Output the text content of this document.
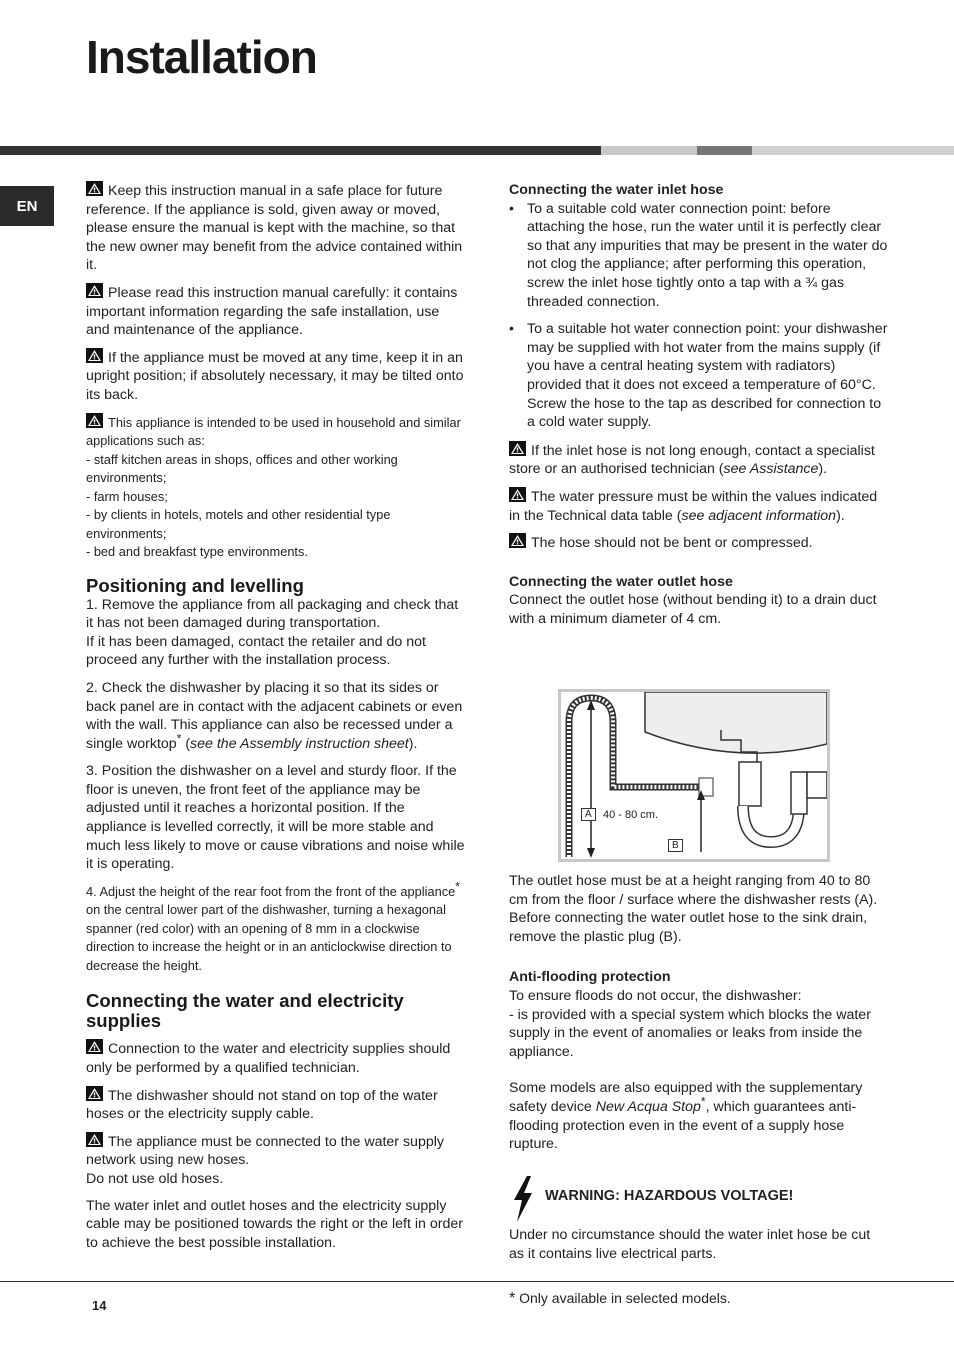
Installation
EN

Keep this instruction manual in a safe place for future reference. If the appliance is sold, given away or moved, please ensure the manual is kept with the machine, so that the new owner may benefit from the advice contained within it.

Please read this instruction manual carefully: it contains important information regarding the safe installation, use and maintenance of the appliance.

If the appliance must be moved at any time, keep it in an upright position; if absolutely necessary, it may be tilted onto its back.

This appliance is intended to be used in household and similar applications such as:
- staff kitchen areas in shops, offices and other working environments;
- farm houses;
- by clients in hotels, motels and other residential type environments;
- bed and breakfast type environments.
Positioning and levelling

1. Remove the appliance from all packaging and check that it has not been damaged during transportation.
If it has been damaged, contact the retailer and do not proceed any further with the installation process.

2. Check the dishwasher by placing it so that its sides or back panel are in contact with the adjacent cabinets or even with the wall. This appliance can also be recessed under a single worktop* (see the Assembly instruction sheet).

3. Position the dishwasher on a level and sturdy floor. If the floor is uneven, the front feet of the appliance may be adjusted until it reaches a horizontal position. If the appliance is levelled correctly, it will be more stable and much less likely to move or cause vibrations and noise while it is operating.

4. Adjust the height of the rear foot from the front of the appliance* on the central lower part of the dishwasher, turning a hexagonal spanner (red color) with an opening of 8 mm in a clockwise direction to increase the height or in an anticlockwise direction to decrease the height.

Connecting the water and electricity supplies

Connection to the water and electricity supplies should only be performed by a qualified technician.

The dishwasher should not stand on top of the water hoses or the electricity supply cable.

The appliance must be connected to the water supply network using new hoses.
Do not use old hoses.

The water inlet and outlet hoses and the electricity supply cable may be positioned towards the right or the left in order to achieve the best possible installation.

Connecting the water inlet hose
• To a suitable cold water connection point: before attaching the hose, run the water until it is perfectly clear so that any impurities that may be present in the water do not clog the appliance; after performing this operation, screw the inlet hose tightly onto a tap with a ¾ gas threaded connection.
• To a suitable hot water connection point: your dishwasher may be supplied with hot water from the mains supply (if you have a central heating system with radiators) provided that it does not exceed a temperature of 60°C.
Screw the hose to the tap as described for connection to a cold water supply.

If the inlet hose is not long enough, contact a specialist store or an authorised technician (see Assistance).

The water pressure must be within the values indicated in the Technical data table (see adjacent information).

The hose should not be bent or compressed.

Connecting the water outlet hose

Connect the outlet hose (without bending it) to a drain duct with a minimum diameter of 4 cm.

A	40 - 80 cm.
B

The outlet hose must be at a height ranging from 40 to 80 cm from the floor / surface where the dishwasher rests (A).
Before connecting the water outlet hose to the sink drain, remove the plastic plug (B).

Anti-flooding protection

To ensure floods do not occur, the dishwasher:
- is provided with a special system which blocks the water supply in the event of anomalies or leaks from inside the appliance.

Some models are also equipped with the supplementary safety device New Acqua Stop*, which guarantees anti-flooding protection even in the event of a supply hose rupture.

WARNING: HAZARDOUS VOLTAGE!
Under no circumstance should the water inlet hose be cut as it contains live electrical parts.
14	* Only available in selected models.
